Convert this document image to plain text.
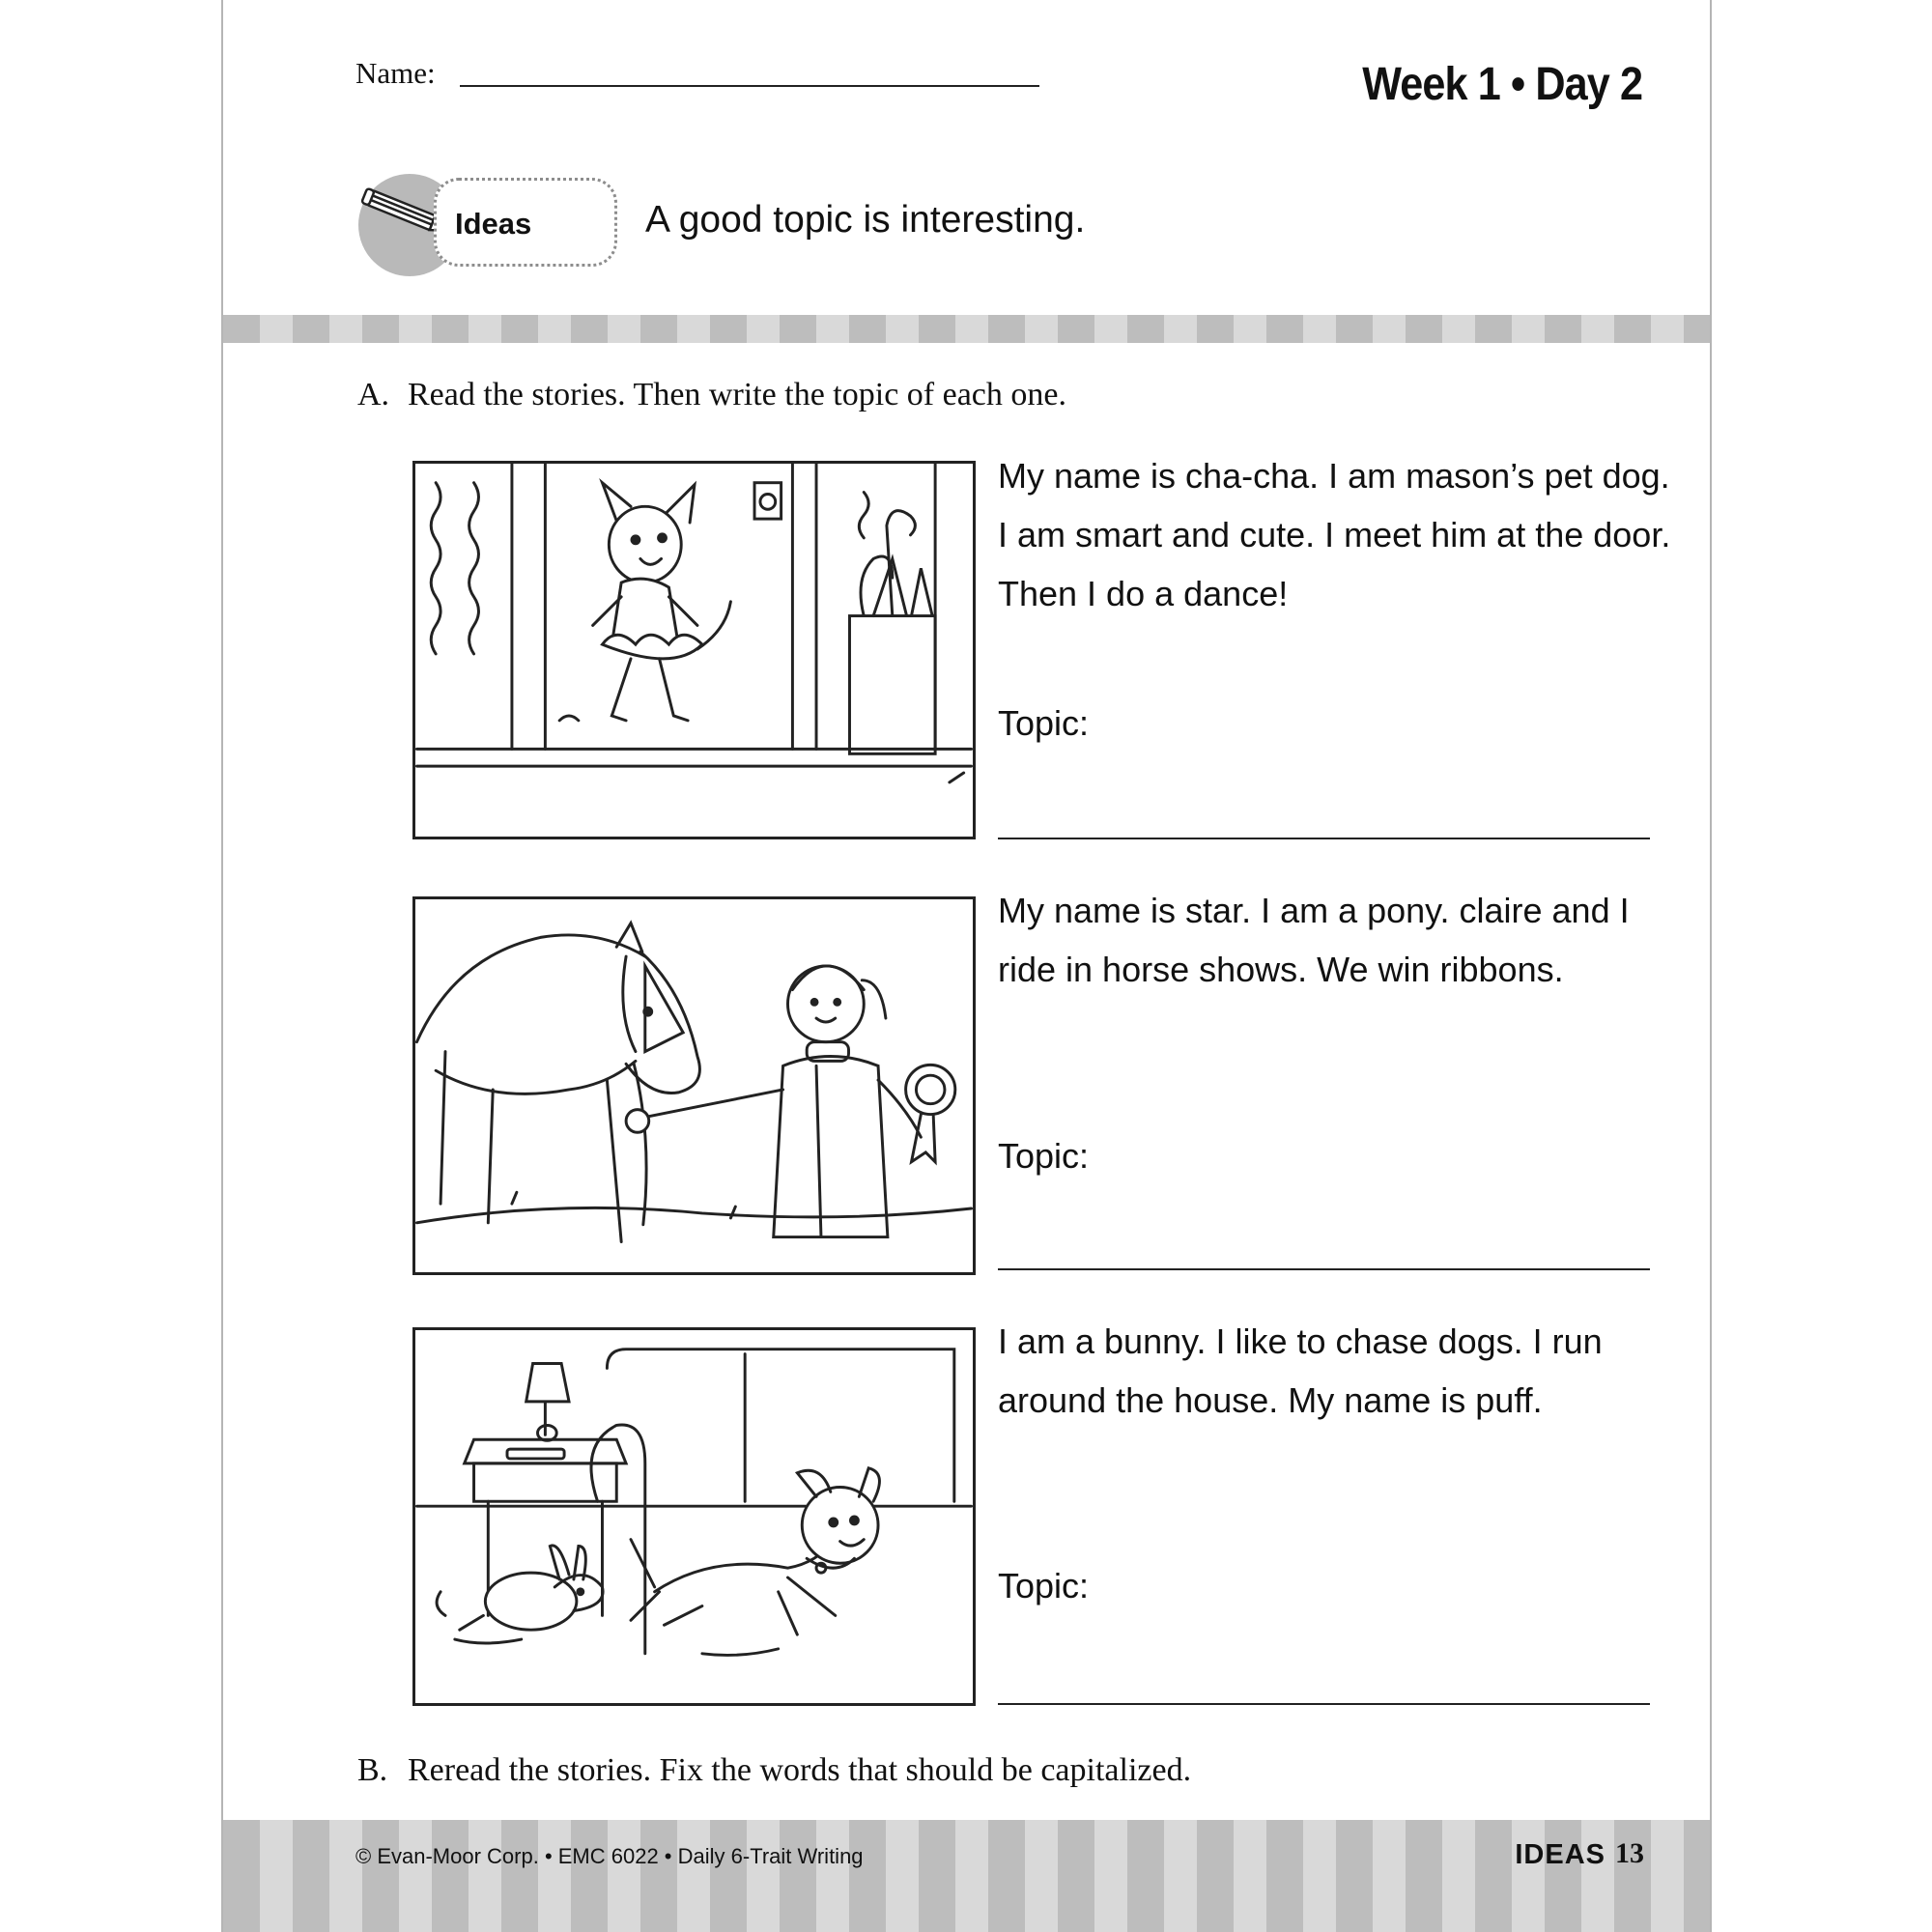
Name:	Week 1 • Day 2
Ideas	A good topic is interesting.
A. Read the stories. Then write the topic of each one.
My name is cha-cha. I am mason’s pet dog. I am smart and cute. I meet him at the door. Then I do a dance!
Topic:
My name is star. I am a pony. claire and I ride in horse shows. We win ribbons.
Topic:
I am a bunny. I like to chase dogs. I run around the house. My name is puff.
Topic:
B. Reread the stories. Fix the words that should be capitalized.
© Evan-Moor Corp. • EMC 6022 • Daily 6-Trait Writing	IDEAS 13
